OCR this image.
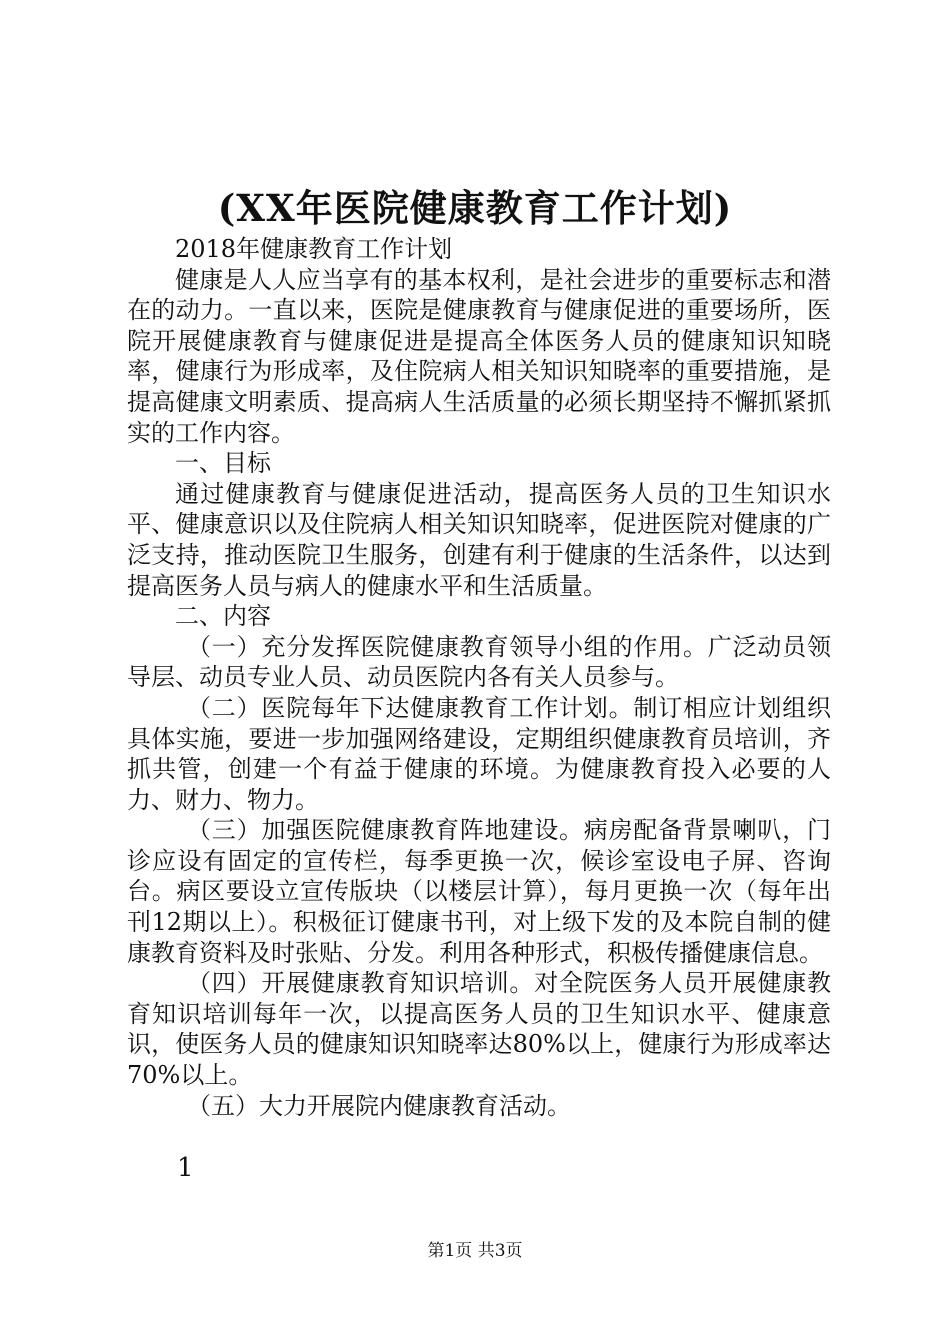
(XX年医院健康教育工作计划)

2018年健康教育工作计划

健康是人人应当享有的基本权利，是社会进步的重要标志和潜在的动力。一直以来，医院是健康教育与健康促进的重要场所，医院开展健康教育与健康促进是提高全体医务人员的健康知识知晓率，健康行为形成率，及住院病人相关知识知晓率的重要措施，是提高健康文明素质、提高病人生活质量的必须长期坚持不懈抓紧抓实的工作内容。

一、目标

通过健康教育与健康促进活动，提高医务人员的卫生知识水平、健康意识以及住院病人相关知识知晓率，促进医院对健康的广泛支持，推动医院卫生服务，创建有利于健康的生活条件，以达到提高医务人员与病人的健康水平和生活质量。

二、内容

（一）充分发挥医院健康教育领导小组的作用。广泛动员领导层、动员专业人员、动员医院内各有关人员参与。

（二）医院每年下达健康教育工作计划。制订相应计划组织具体实施，要进一步加强网络建设，定期组织健康教育员培训，齐抓共管，创建一个有益于健康的环境。为健康教育投入必要的人力、财力、物力。

（三）加强医院健康教育阵地建设。病房配备背景喇叭，门诊应设有固定的宣传栏，每季更换一次，候诊室设电子屏、咨询台。病区要设立宣传版块（以楼层计算），每月更换一次（每年出刊12期以上）。积极征订健康书刊，对上级下发的及本院自制的健康教育资料及时张贴、分发。利用各种形式，积极传播健康信息。

（四）开展健康教育知识培训。对全院医务人员开展健康教育知识培训每年一次，以提高医务人员的卫生知识水平、健康意识，使医务人员的健康知识知晓率达80%以上，健康行为形成率达70%以上。

（五）大力开展院内健康教育活动。

1
第1页 共3页
